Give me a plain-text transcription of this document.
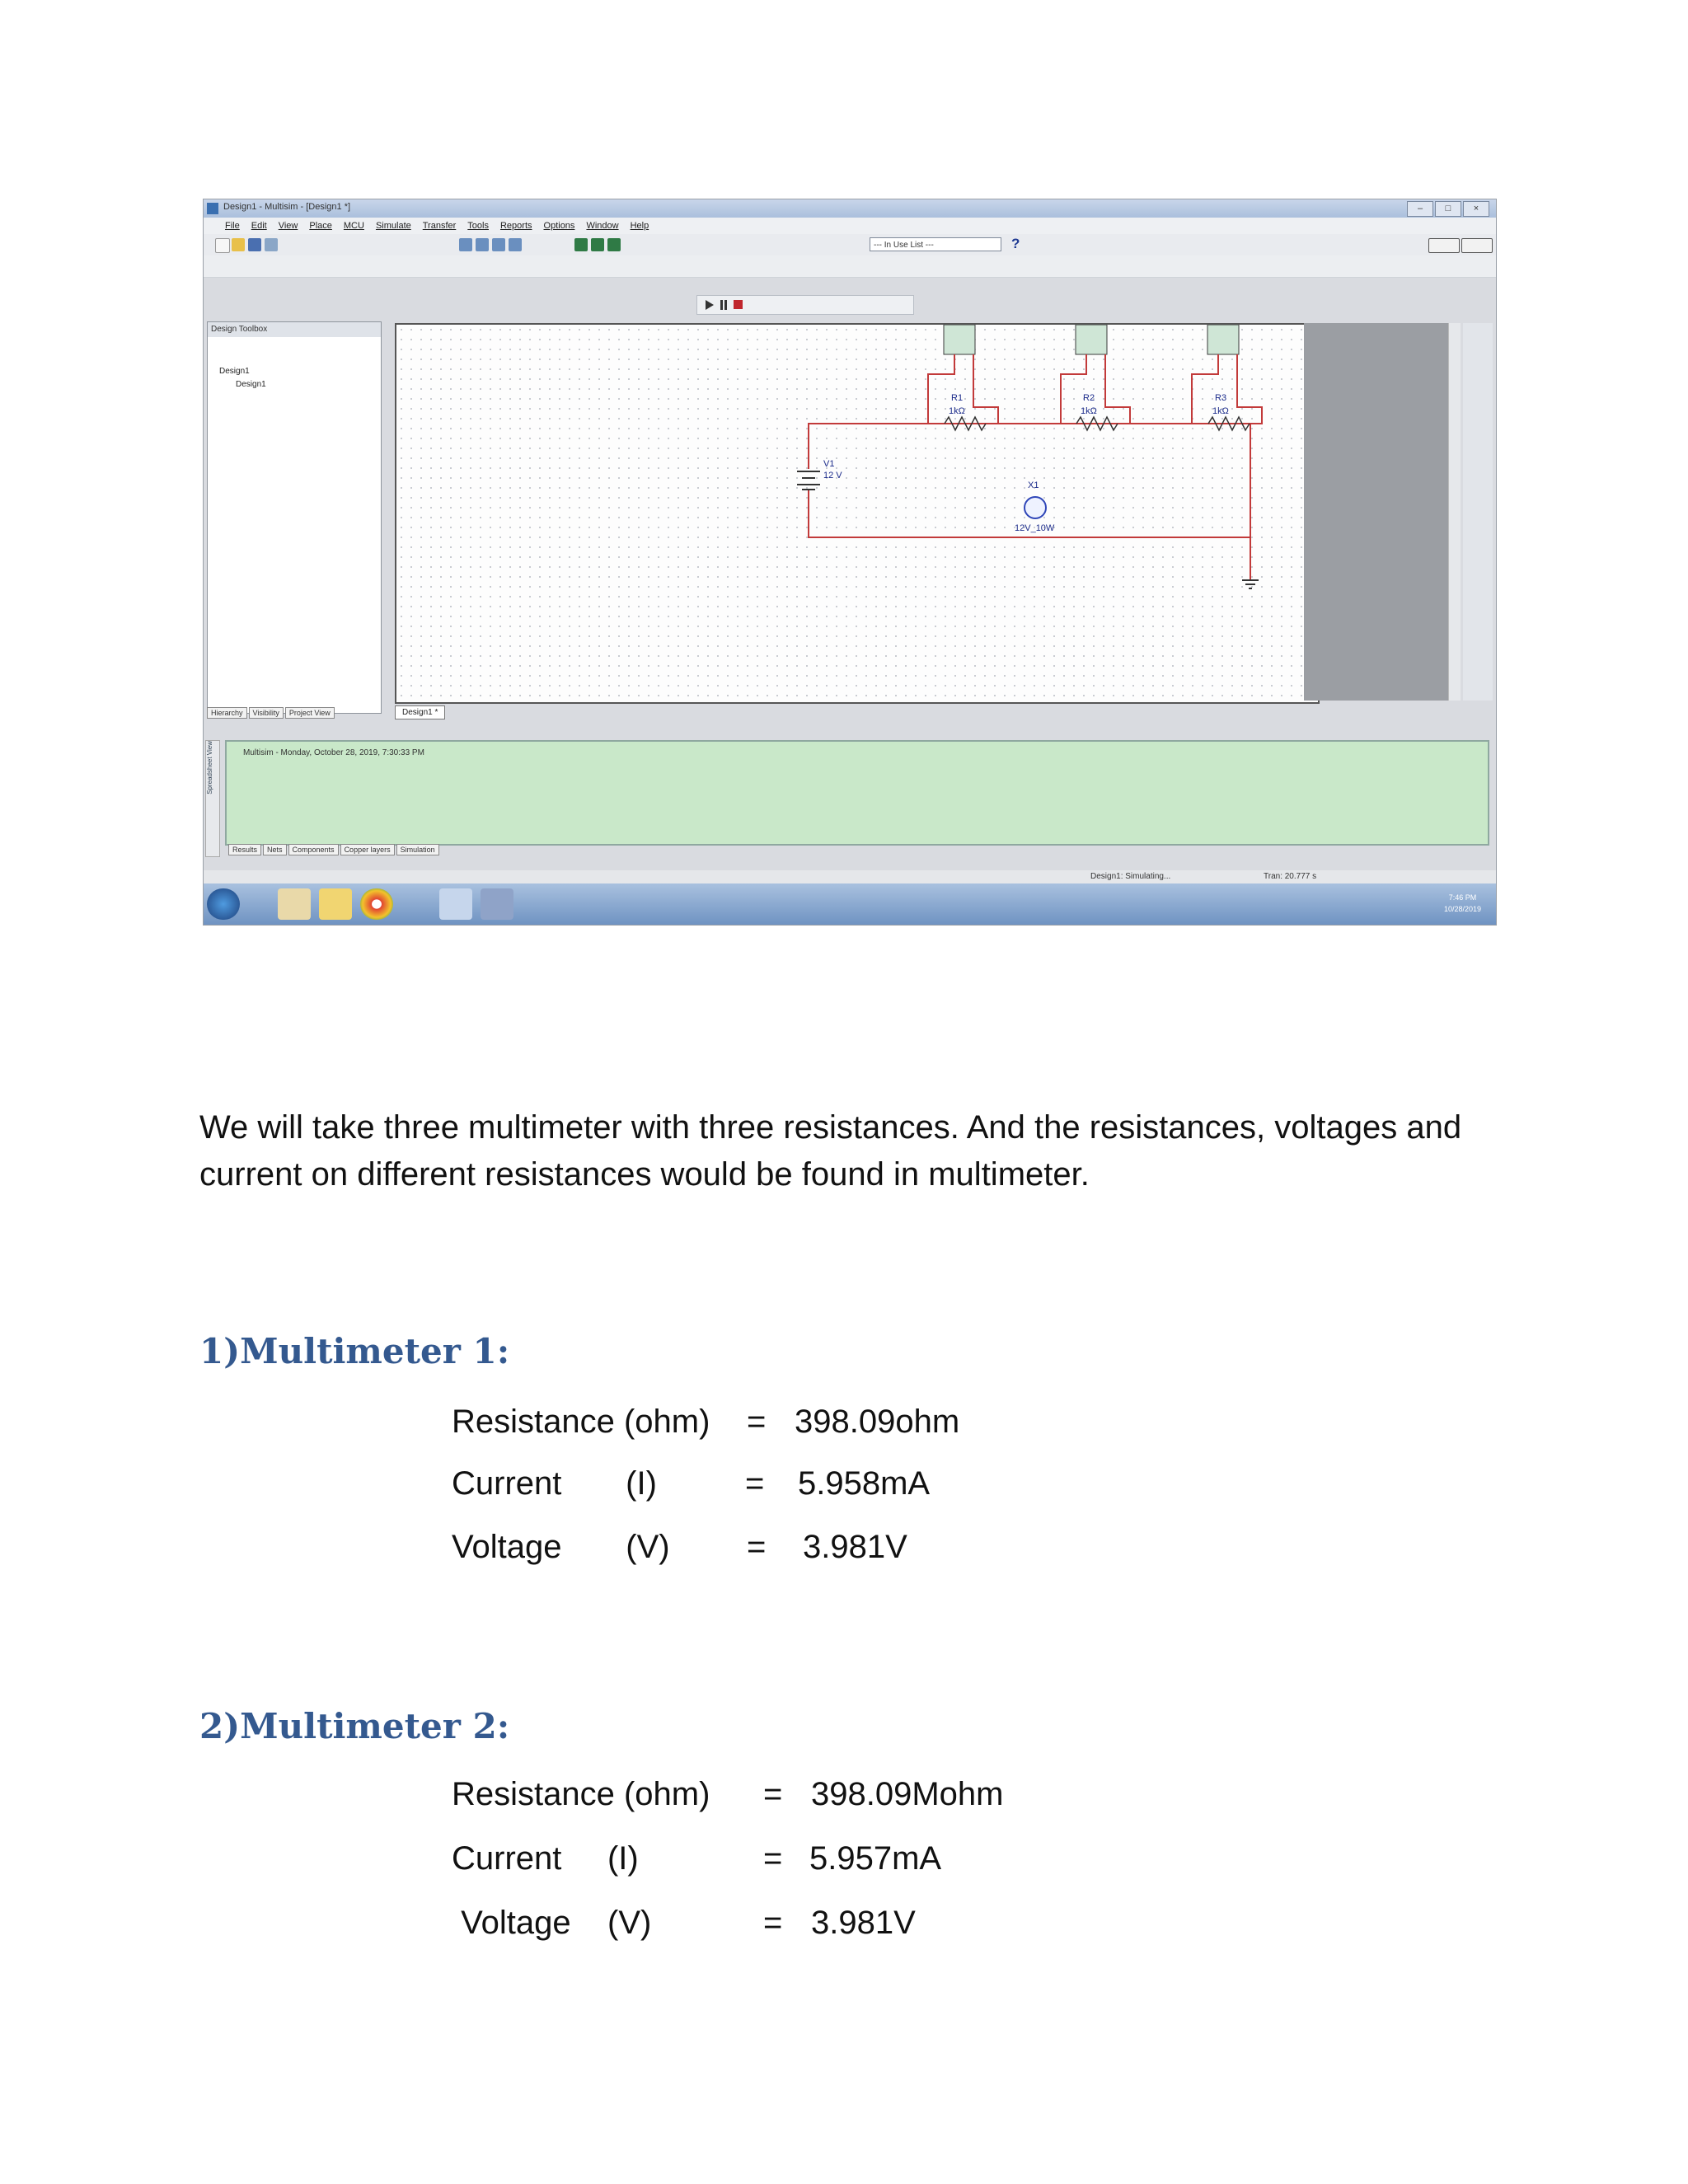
Design1 - Multisim - [Design1 *]	–	□	×
File Edit View Place MCU Simulate Transfer Tools Reports Options Window Help
--- In Use List ---	?
Design Toolbox
Design1
Design1
Hierarchy	Visibility	Project View
R1
1kΩ
R2
1kΩ
R3
1kΩ
V1
12 V
X1
12V_10W
Design1 *
Spreadsheet View	Multisim - Monday, October 28, 2019, 7:30:33 PM
Results	Nets	Components	Copper layers	Simulation
Design1: Simulating...	Tran: 20.777 s
7:46 PM
10/28/2019
We will take three multimeter with three resistances. And the resistances, voltages and current on different resistances would be found in multimeter.
1)Multimeter 1:
Resistance (ohm) = 398.09ohm
Current       (I)	= 5.958mA
Voltage       (V) = 3.981V
2)Multimeter 2:
Resistance (ohm) = 398.09Mohm
Current     (I)	= 5.957mA
Voltage    (V)	= 3.981V
